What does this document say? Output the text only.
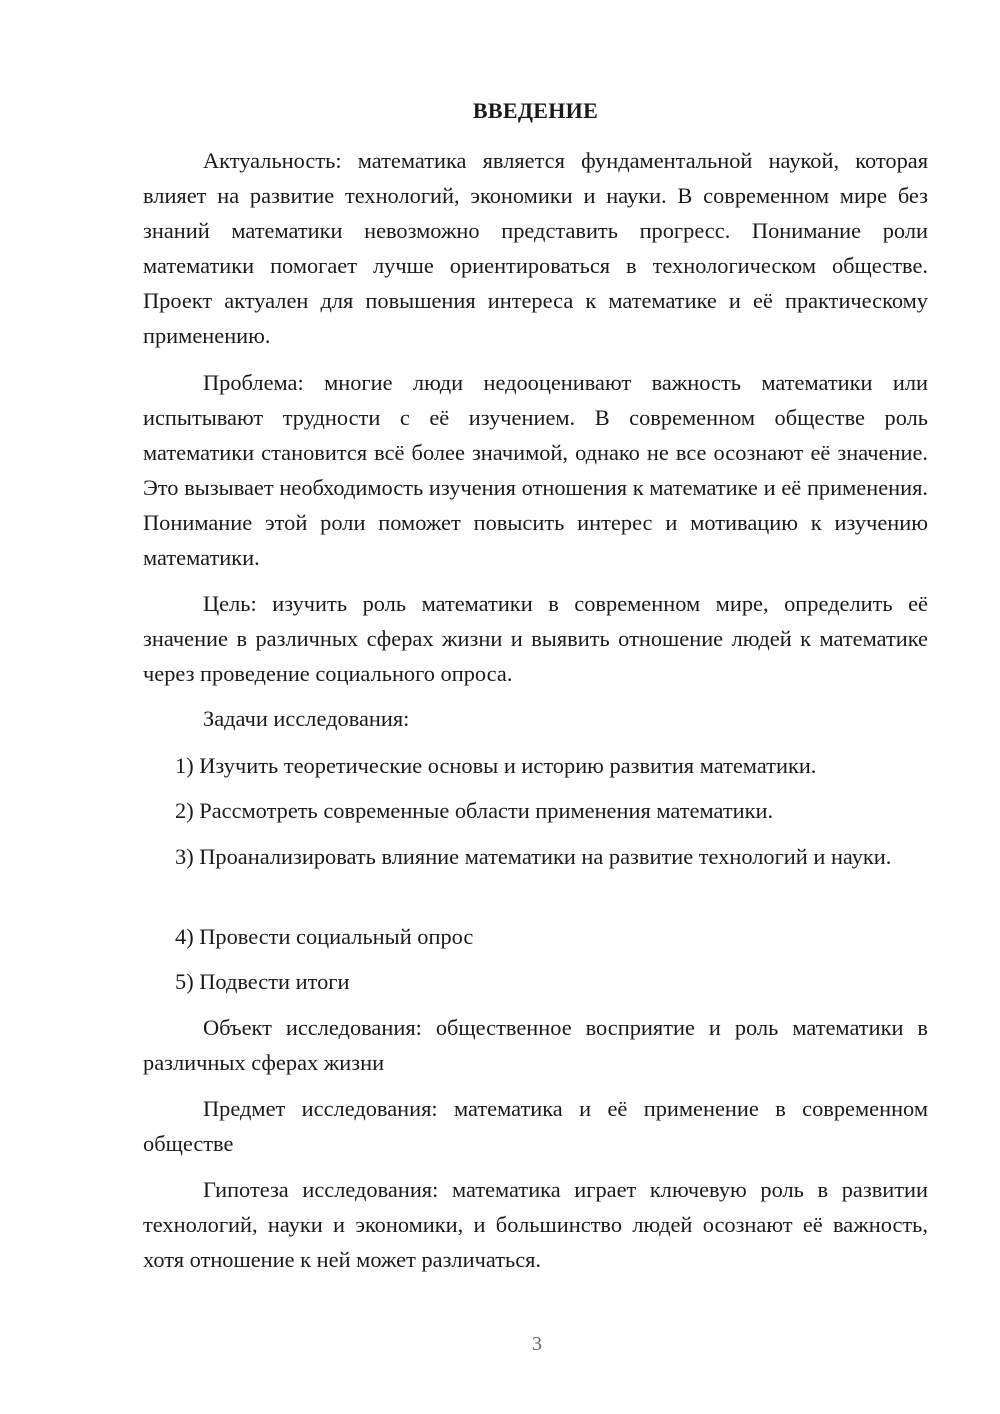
ВВЕДЕНИЕ

Актуальность: математика является фундаментальной наукой, которая влияет на развитие технологий, экономики и науки. В современном мире без знаний математики невозможно представить прогресс. Понимание роли математики помогает лучше ориентироваться в технологическом обществе. Проект актуален для повышения интереса к математике и её практическому применению.

Проблема: многие люди недооценивают важность математики или испытывают трудности с её изучением. В современном обществе роль математики становится всё более значимой, однако не все осознают её значение. Это вызывает необходимость изучения отношения к математике и её применения. Понимание этой роли поможет повысить интерес и мотивацию к изучению математики.

Цель: изучить роль математики в современном мире, определить её значение в различных сферах жизни и выявить отношение людей к математике через проведение социального опроса.

Задачи исследования:

1) Изучить теоретические основы и историю развития математики.

2) Рассмотреть современные области применения математики.

3) Проанализировать влияние математики на развитие технологий и науки.

4) Провести социальный опрос

5) Подвести итоги

Объект исследования: общественное восприятие и роль математики в различных сферах жизни

Предмет исследования: математика и её применение в современном обществе

Гипотеза исследования: математика играет ключевую роль в развитии технологий, науки и экономики, и большинство людей осознают её важность, хотя отношение к ней может различаться.

3
